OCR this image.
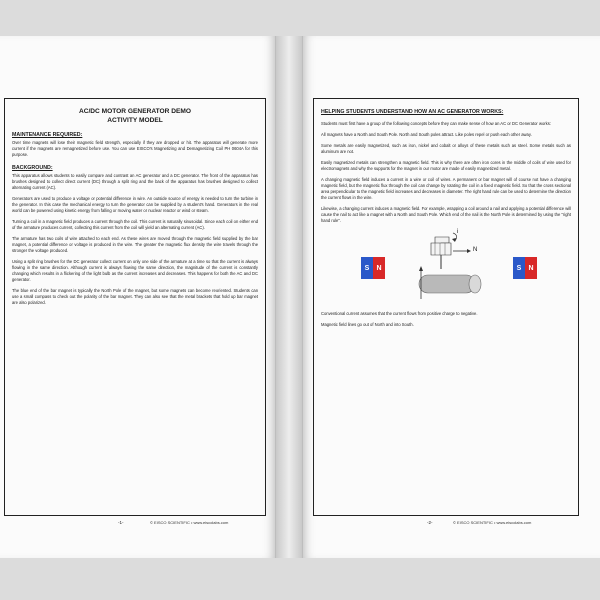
AC/DC MOTOR GENERATOR DEMO
ACTIVITY MODEL
MAINTENANCE REQUIRED:

Over time magnets will lose their magnetic field strength, especially if they are dropped or hit. The apparatus will generate more current if the magnets are remagnetized before use. You can use EISCO's Magnetizing and Demagnetizing Coil PH 0604A for this purpose.

BACKGROUND:

This apparatus allows students to easily compare and contrast an AC generator and a DC generator. The front of the apparatus has brushes designed to collect direct current (DC) through a split ring and the back of the apparatus has brushes designed to collect alternating current (AC).

Generators are used to produce a voltage or potential difference in wire. An outside source of energy is needed to turn the turbine in the generator. In this case the mechanical energy to turn the generator can be supplied by a student's hand. Generators in the real world can be powered using kinetic energy from falling or moving water or nuclear reactor or wind or steam.

Turning a coil in a magnetic field produces a current through the coil. This current is naturally sinusoidal. Since each coil on either end of the armature produces current, collecting this current from the coil will yield an alternating current (AC).

The armature has two coils of wire attached to each end. As these wires are moved through the magnetic field supplied by the bar magnet, a potential difference or voltage is produced in the wire. The greater the magnetic flux density the wire travels through the stronger the voltage produced.

Using a split ring brushes for the DC generator collect current on only one side of the armature at a time so that the current is always flowing in the same direction. Although current is always flowing the same direction, the magnitude of the current is constantly changing which results in a flickering of the light bulb as the current increases and decreases. This happens for both the AC and DC generator.

The blue end of the bar magnet is typically the North Pole of the magnet, but some magnets can become reoriented. Students can use a small compass to check out the polarity of the bar magnet. They can also see that the metal brackets that hold up bar magnet are also polarized.

-1-	© EISCO SCIENTIFIC • www.eiscolabs.com
HELPING STUDENTS UNDERSTAND HOW AN AC GENERATOR WORKS:

Students must first have a group of the following concepts before they can make sense of how an AC or DC Generator works:

All magnets have a North and South Pole. North and South poles attract. Like poles repel or push each other away.

Some metals are easily magnetized, such as iron, nickel and cobalt or alloys of these metals such as steel. Some metals such as aluminum are not.

Easily magnetized metals can strengthen a magnetic field. This is why there are often iron cores in the middle of coils of wire used for electromagnets and why the supports for the magnet in our motor are made of easily magnetized metal.

A changing magnetic field induces a current in a wire or coil of wires. A permanent or bar magnet will of course not have a changing magnetic field, but the magnetic flux through the coil can change by rotating the coil in a fixed magnetic field. So that the cross sectional area perpendicular to the magnetic field increases and decreases in diameter. The right hand rule can be used to determine the direction the current flows in the wire.

Likewise, a changing current induces a magnetic field. For example, wrapping a coil around a nail and applying a potential difference will cause the nail to act like a magnet with a North and South Pole. Which end of the nail is the North Pole is determined by using the "right hand rule".

S	N
i
N
S	N

Conventional current assumes that the current flows from positive charge to negative.

Magnetic field lines go out of North and into South.

-2-	© EISCO SCIENTIFIC • www.eiscolabs.com
